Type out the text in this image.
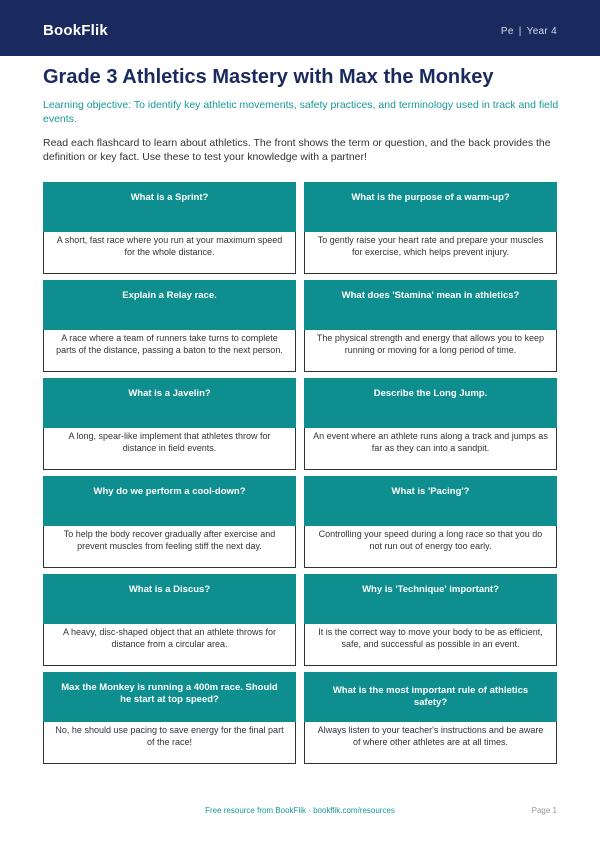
BookFlik	Pe | Year 4
Grade 3 Athletics Mastery with Max the Monkey
Learning objective: To identify key athletic movements, safety practices, and terminology used in track and field events.
Read each flashcard to learn about athletics. The front shows the term or question, and the back provides the definition or key fact. Use these to test your knowledge with a partner!
What is a Sprint?
A short, fast race where you run at your maximum speed for the whole distance.
What is the purpose of a warm-up?
To gently raise your heart rate and prepare your muscles for exercise, which helps prevent injury.
Explain a Relay race.
A race where a team of runners take turns to complete parts of the distance, passing a baton to the next person.
What does 'Stamina' mean in athletics?
The physical strength and energy that allows you to keep running or moving for a long period of time.
What is a Javelin?
A long, spear-like implement that athletes throw for distance in field events.
Describe the Long Jump.
An event where an athlete runs along a track and jumps as far as they can into a sandpit.
Why do we perform a cool-down?
To help the body recover gradually after exercise and prevent muscles from feeling stiff the next day.
What is 'Pacing'?
Controlling your speed during a long race so that you do not run out of energy too early.
What is a Discus?
A heavy, disc-shaped object that an athlete throws for distance from a circular area.
Why is 'Technique' important?
It is the correct way to move your body to be as efficient, safe, and successful as possible in an event.
Max the Monkey is running a 400m race. Should he start at top speed?
No, he should use pacing to save energy for the final part of the race!
What is the most important rule of athletics safety?
Always listen to your teacher's instructions and be aware of where other athletes are at all times.
Free resource from BookFlik · bookflik.com/resources	Page 1
